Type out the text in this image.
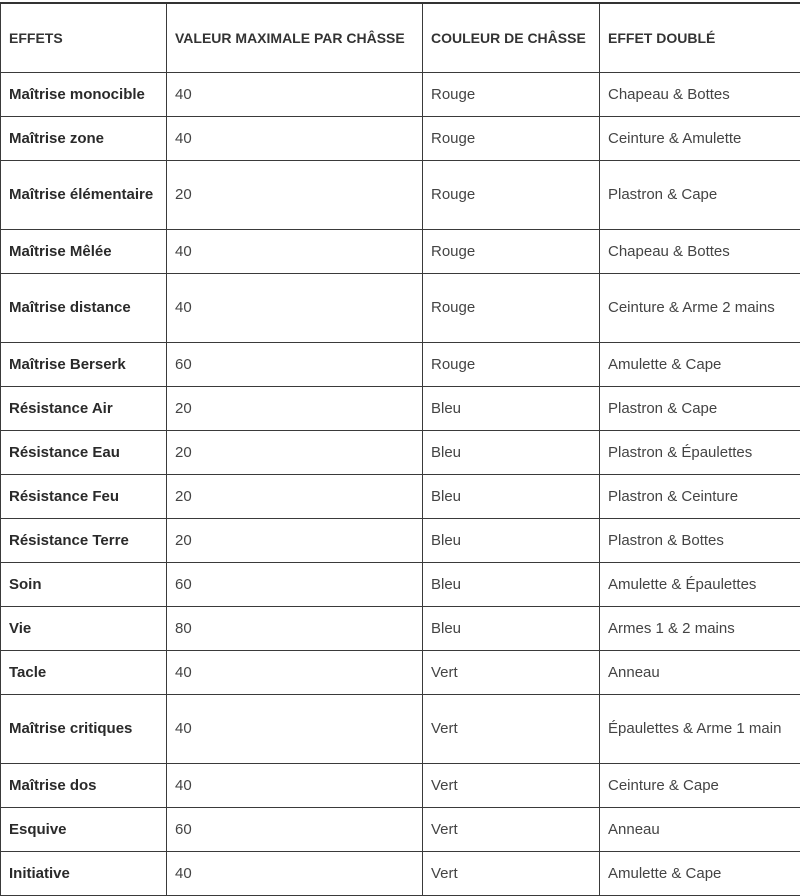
EFFETS	VALEUR MAXIMALE PAR CHÂSSE	COULEUR DE CHÂSSE	EFFET DOUBLÉ
Maîtrise monocible	40	Rouge	Chapeau & Bottes
Maîtrise zone	40	Rouge	Ceinture & Amulette
Maîtrise élémentaire	20	Rouge	Plastron & Cape
Maîtrise Mêlée	40	Rouge	Chapeau & Bottes
Maîtrise distance	40	Rouge	Ceinture & Arme 2 mains
Maîtrise Berserk	60	Rouge	Amulette & Cape
Résistance Air	20	Bleu	Plastron & Cape
Résistance Eau	20	Bleu	Plastron & Épaulettes
Résistance Feu	20	Bleu	Plastron & Ceinture
Résistance Terre	20	Bleu	Plastron & Bottes
Soin	60	Bleu	Amulette & Épaulettes
Vie	80	Bleu	Armes 1 & 2 mains
Tacle	40	Vert	Anneau
Maîtrise critiques	40	Vert	Épaulettes & Arme 1 main
Maîtrise dos	40	Vert	Ceinture & Cape
Esquive	60	Vert	Anneau
Initiative	40	Vert	Amulette & Cape
